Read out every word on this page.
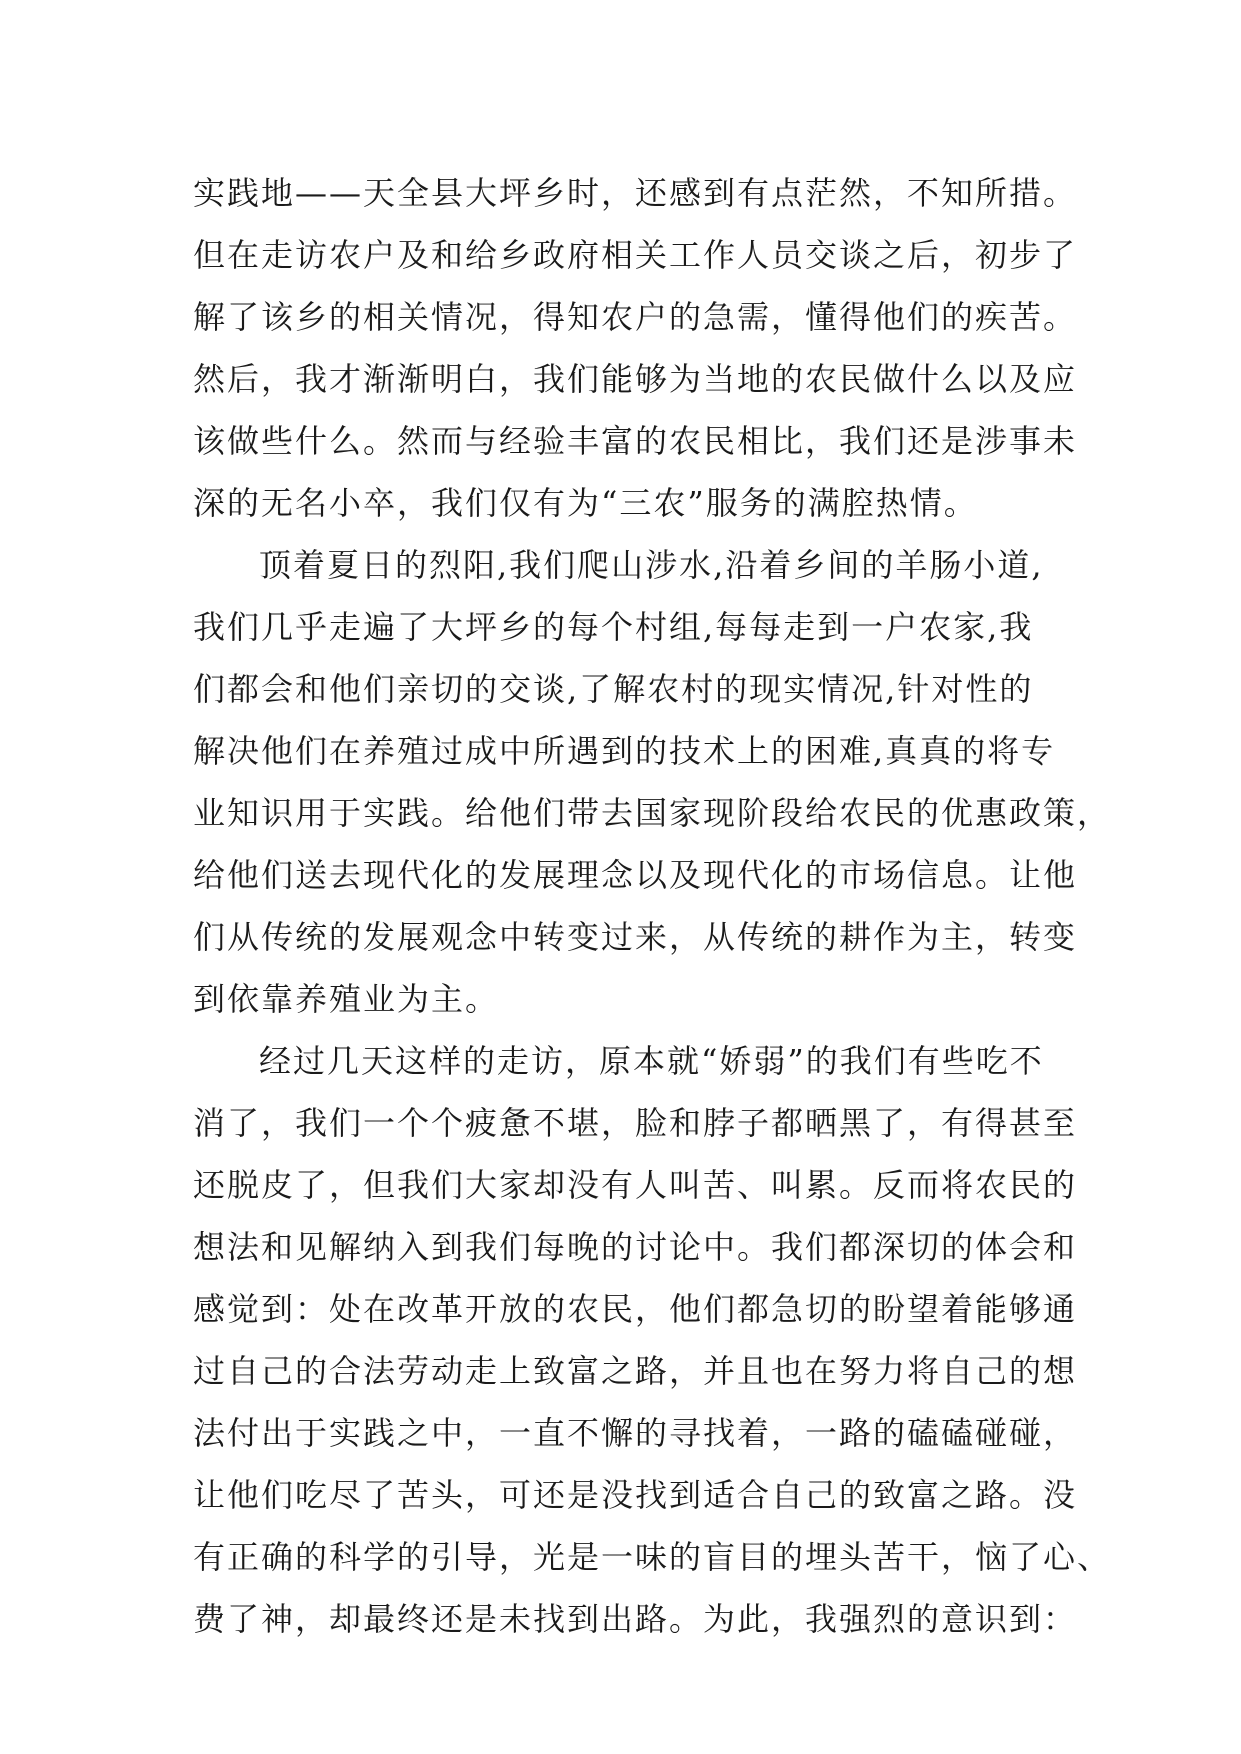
实践地——天全县大坪乡时，还感到有点茫然，不知所措。
但在走访农户及和给乡政府相关工作人员交谈之后，初步了
解了该乡的相关情况，得知农户的急需，懂得他们的疾苦。
然后，我才渐渐明白，我们能够为当地的农民做什么以及应
该做些什么。然而与经验丰富的农民相比，我们还是涉事未
深的无名小卒，我们仅有为“三农”服务的满腔热情。
顶着夏日的烈阳,我们爬山涉水,沿着乡间的羊肠小道,
我们几乎走遍了大坪乡的每个村组,每每走到一户农家,我
们都会和他们亲切的交谈,了解农村的现实情况,针对性的
解决他们在养殖过成中所遇到的技术上的困难,真真的将专
业知识用于实践。给他们带去国家现阶段给农民的优惠政策，
给他们送去现代化的发展理念以及现代化的市场信息。让他
们从传统的发展观念中转变过来，从传统的耕作为主，转变
到依靠养殖业为主。
经过几天这样的走访，原本就“娇弱”的我们有些吃不
消了，我们一个个疲惫不堪，脸和脖子都晒黑了，有得甚至
还脱皮了，但我们大家却没有人叫苦、叫累。反而将农民的
想法和见解纳入到我们每晚的讨论中。我们都深切的体会和
感觉到：处在改革开放的农民，他们都急切的盼望着能够通
过自己的合法劳动走上致富之路，并且也在努力将自己的想
法付出于实践之中，一直不懈的寻找着，一路的磕磕碰碰，
让他们吃尽了苦头，可还是没找到适合自己的致富之路。没
有正确的科学的引导，光是一味的盲目的埋头苦干，恼了心、
费了神，却最终还是未找到出路。为此，我强烈的意识到：
